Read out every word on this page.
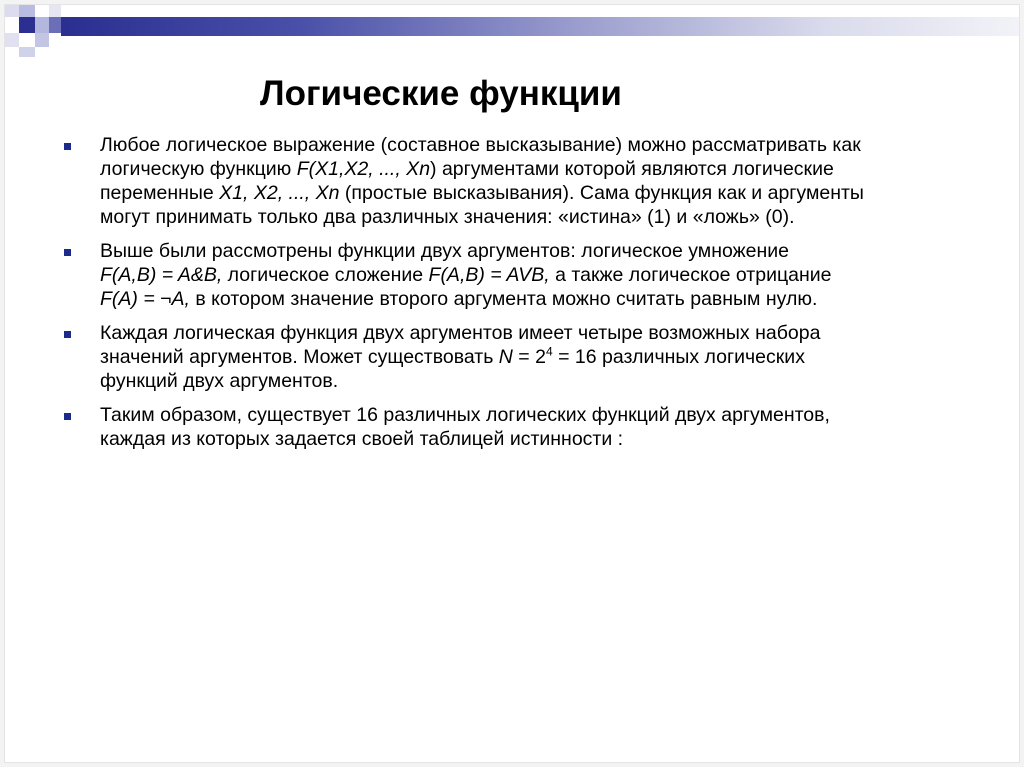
Логические функции
Любое логическое выражение (составное высказывание) можно рассматривать как
логическую функцию F(X1,X2, ..., Xn) аргументами которой являются логические
переменные X1, X2, ..., Xn (простые высказывания). Сама функция как и аргументы
могут принимать только два различных значения: «истина» (1) и «ложь» (0).
Выше были рассмотрены функции двух аргументов: логическое умножение
F(A,B) = A&B, логическое сложение F(A,B) = AVB, а также логическое отрицание
F(A) = ¬A, в котором значение второго аргумента можно считать равным нулю.
Каждая логическая функция двух аргументов имеет четыре возможных набора
значений аргументов. Может существовать $N = 2^4 = 16$ различных логических
функций двух аргументов.
Таким образом, существует 16 различных логических функций двух аргументов,
каждая из которых задается своей таблицей истинности :
